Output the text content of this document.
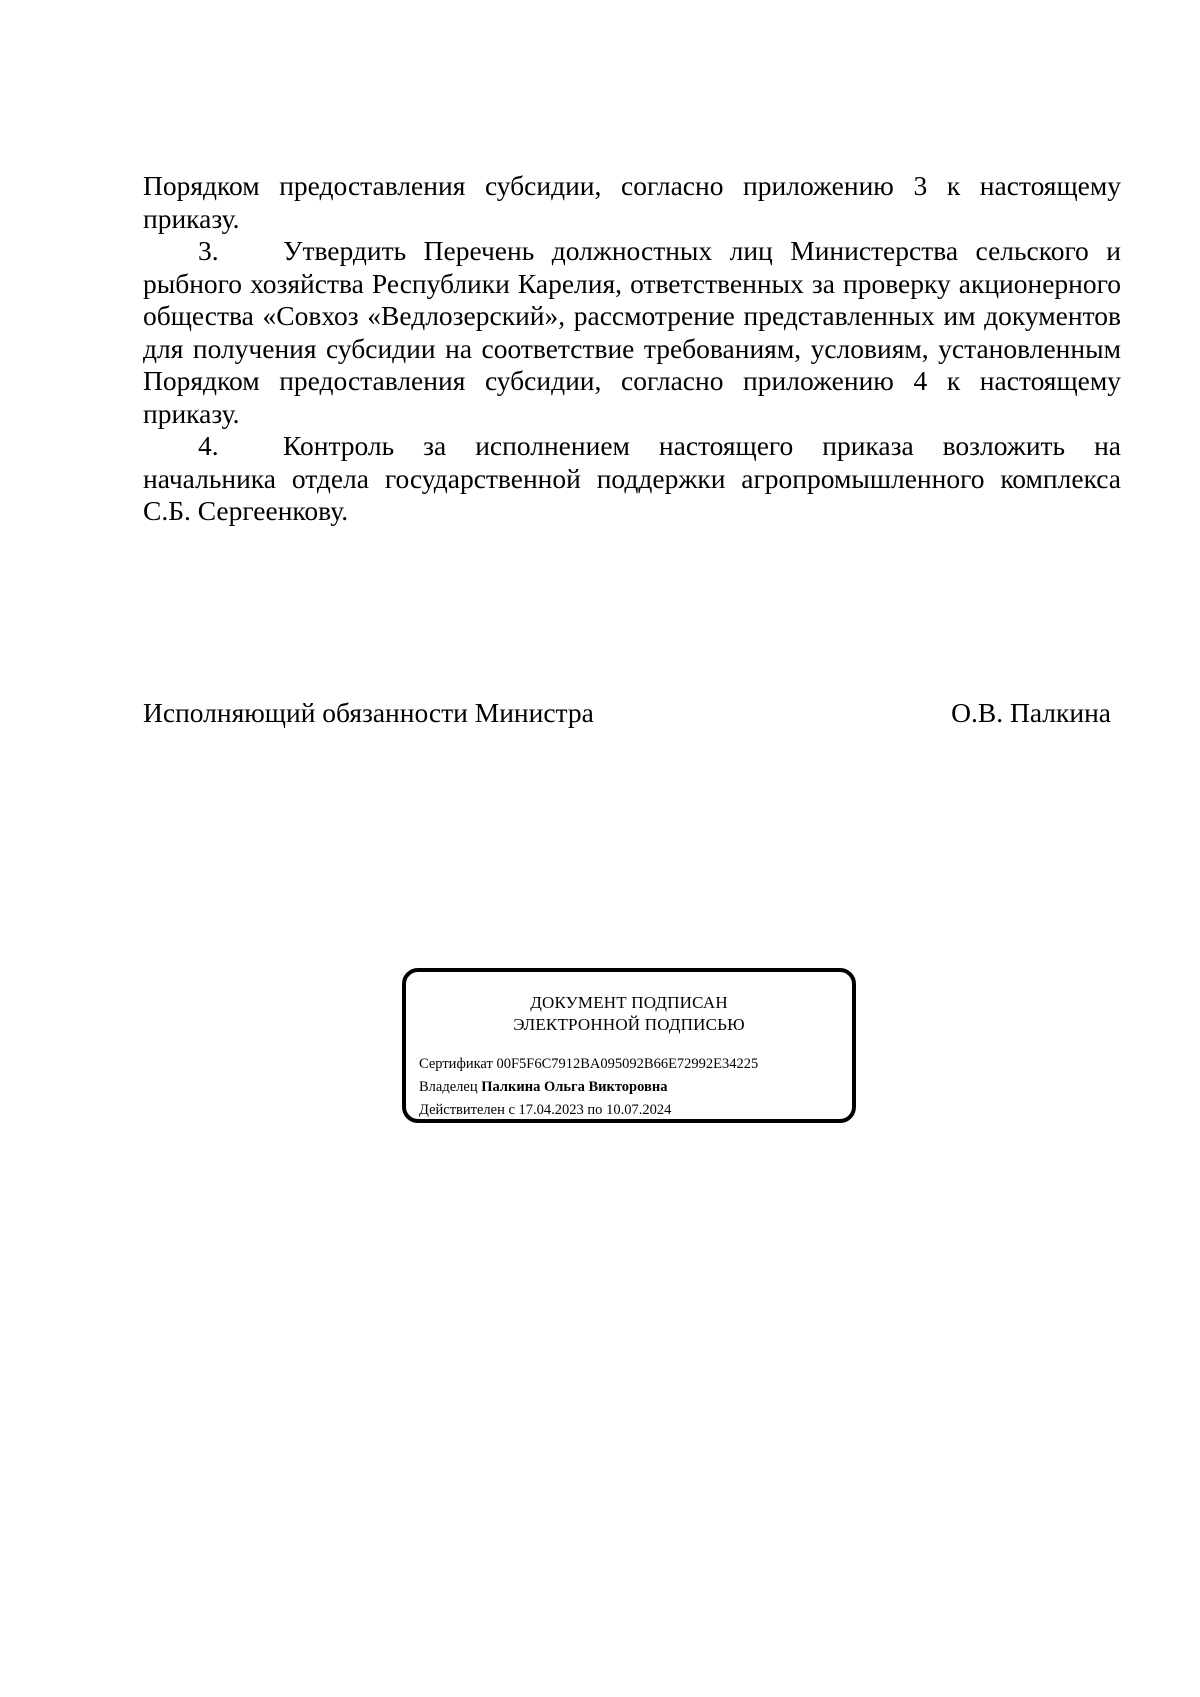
Порядком предоставления субсидии, согласно приложению 3 к настоящему приказу.

3. Утвердить Перечень должностных лиц Министерства сельского и рыбного хозяйства Республики Карелия, ответственных за проверку акционерного общества «Совхоз «Ведлозерский», рассмотрение представленных им документов для получения субсидии на соответствие требованиям, условиям, установленным Порядком предоставления субсидии, согласно приложению 4 к настоящему приказу.

4. Контроль за исполнением настоящего приказа возложить на начальника отдела государственной поддержки агропромышленного комплекса С.Б. Сергеенкову.

Исполняющий обязанности Министра	О.В. Палкина
ДОКУМЕНТ ПОДПИСАН
ЭЛЕКТРОННОЙ ПОДПИСЬЮ
Сертификат 00F5F6C7912BA095092B66E72992E34225
Владелец Палкина Ольга Викторовна
Действителен с 17.04.2023 по 10.07.2024
